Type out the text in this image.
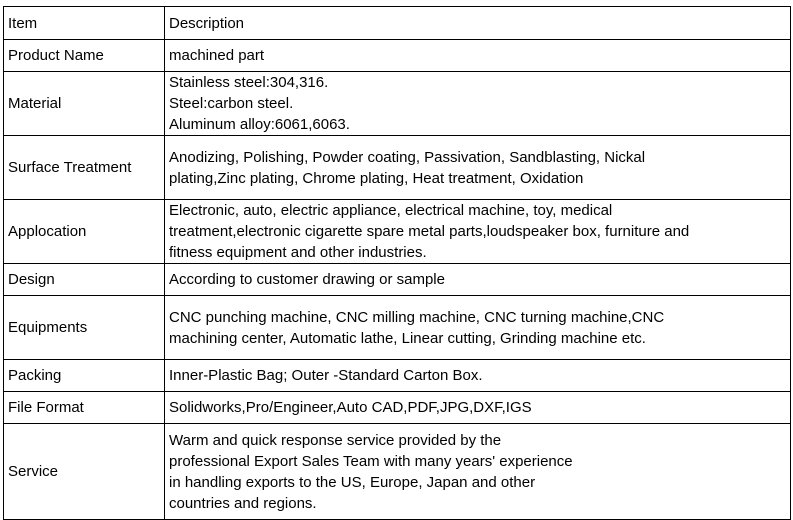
Item	Description
Product Name	machined part

Material	Stainless steel:304,316.
Steel:carbon steel.
Aluminum alloy:6061,6063.

Surface Treatment	Anodizing, Polishing, Powder coating, Passivation, Sandblasting, Nickal
plating,Zinc plating, Chrome plating, Heat treatment, Oxidation

Applocation	Electronic, auto, electric appliance, electrical machine, toy, medical
treatment,electronic cigarette spare metal parts,loudspeaker box, furniture and
fitness equipment and other industries.

Design	According to customer drawing or sample

Equipments	CNC punching machine, CNC milling machine, CNC turning machine,CNC
machining center, Automatic lathe, Linear cutting, Grinding machine etc.

Packing	Inner-Plastic Bag; Outer -Standard Carton Box.

File Format	Solidworks,Pro/Engineer,Auto CAD,PDF,JPG,DXF,IGS

Service	Warm and quick response service provided by the
professional Export Sales Team with many years' experience
in handling exports to the US, Europe, Japan and other
countries and regions.
